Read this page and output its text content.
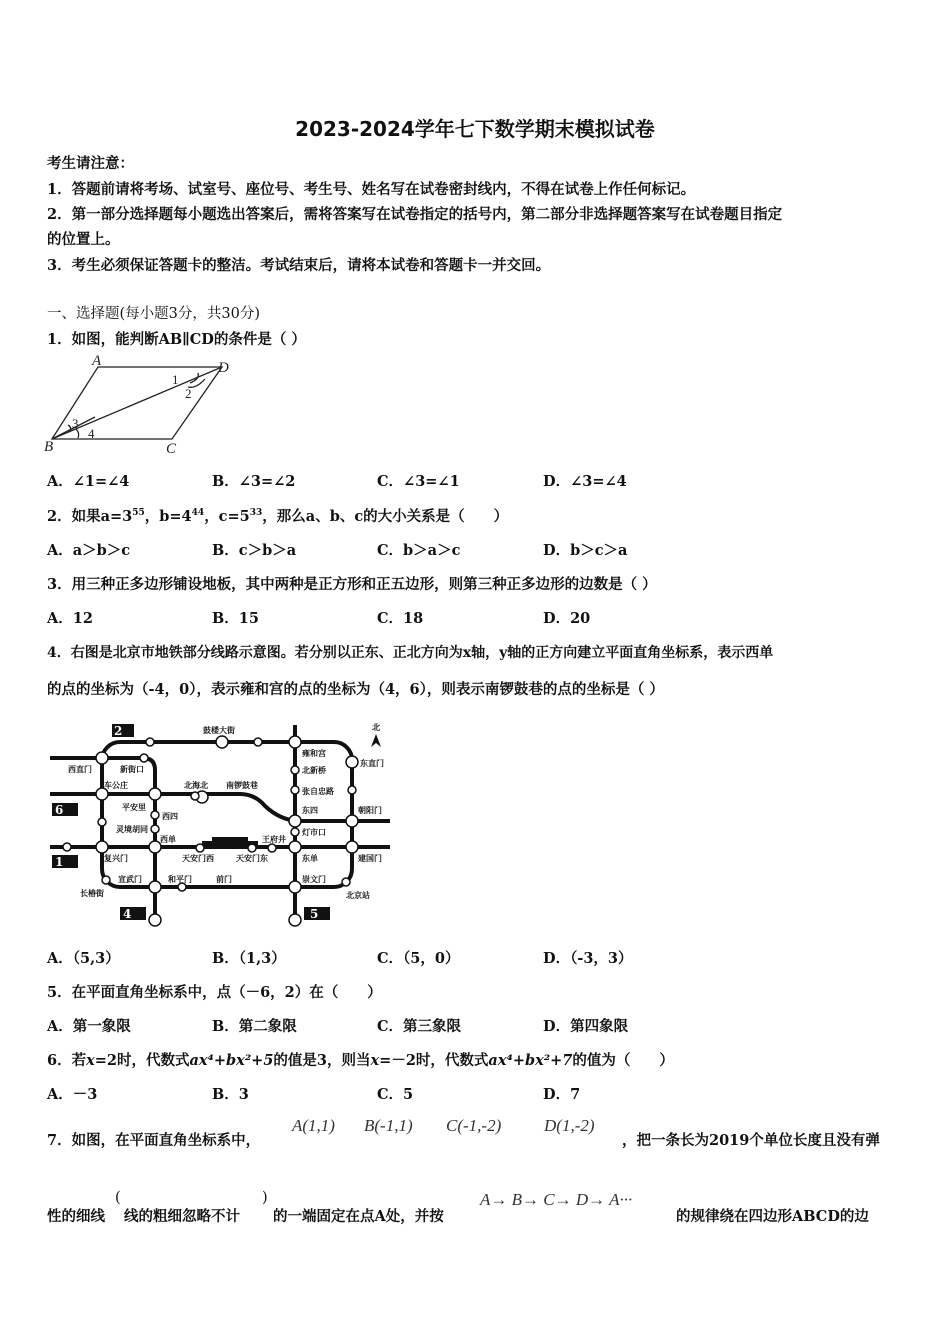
2023-2024学年七下数学期末模拟试卷
考生请注意：
1．答题前请将考场、试室号、座位号、考生号、姓名写在试卷密封线内，不得在试卷上作任何标记。
2．第一部分选择题每小题选出答案后，需将答案写在试卷指定的括号内，第二部分非选择题答案写在试卷题目指定
的位置上。
3．考生必须保证答题卡的整洁。考试结束后，请将本试卷和答题卡一并交回。
一、选择题(每小题3分，共30分)
1．如图，能判断AB∥CD的条件是（ ）
A	D
B	C
1
2
3
4
A．∠1=∠4	B．∠3=∠2	C．∠3=∠1	D．∠3=∠4
2．如果$a=3^{55}$，$b=4^{44}$，$c=5^{33}$，那么a、b、c的大小关系是（　　）
A．a＞b＞c	B．c＞b＞a	C．b＞a＞c	D．b＞c＞a
3．用三种正多边形铺设地板，其中两种是正方形和正五边形，则第三种正多边形的边数是（ ）
A．12	B．15	C．18	D．20
4．右图是北京市地铁部分线路示意图。若分别以正东、正北方向为x轴，y轴的正方向建立平面直角坐标系，表示西单
的点的坐标为（-4，0），表示雍和宫的点的坐标为（4，6），则表示南锣鼓巷的点的坐标是（ ）
2
6
1
4	5
北
鼓楼大街
西直门	新街口
车公庄
平安里
西四
灵境胡同
西单
复兴门
宣武门
长椿街
和平门	前门
天安门西	天安门东
王府井
北海北 南锣鼓巷
雍和宫
北新桥
张自忠路
东四
灯市口
东单
崇文门
北京站
建国门
朝阳门
东直门
A．（5,3）	B．（1,3）	C．（5，0）	D．（-3，3）
5．在平面直角坐标系中，点（－6，2）在（　　）
A．第一象限	B．第二象限	C．第三象限	D．第四象限
6．若x=2时，代数式ax⁴+bx²+5的值是3，则当x=－2时，代数式ax⁴+bx²+7的值为（　　）
A．－3	B．3	C．5	D．7
7．如图，在平面直角坐标系中，
A(1,1) B(-1,1) C(-1,-2)	D(1,-2)
，把一条长为2019个单位长度且没有弹
性的细线
(
线的粗细忽略不计
)
的一端固定在点A处，并按
A→ B→ C→ D→ A···
的规律绕在四边形ABCD的边
